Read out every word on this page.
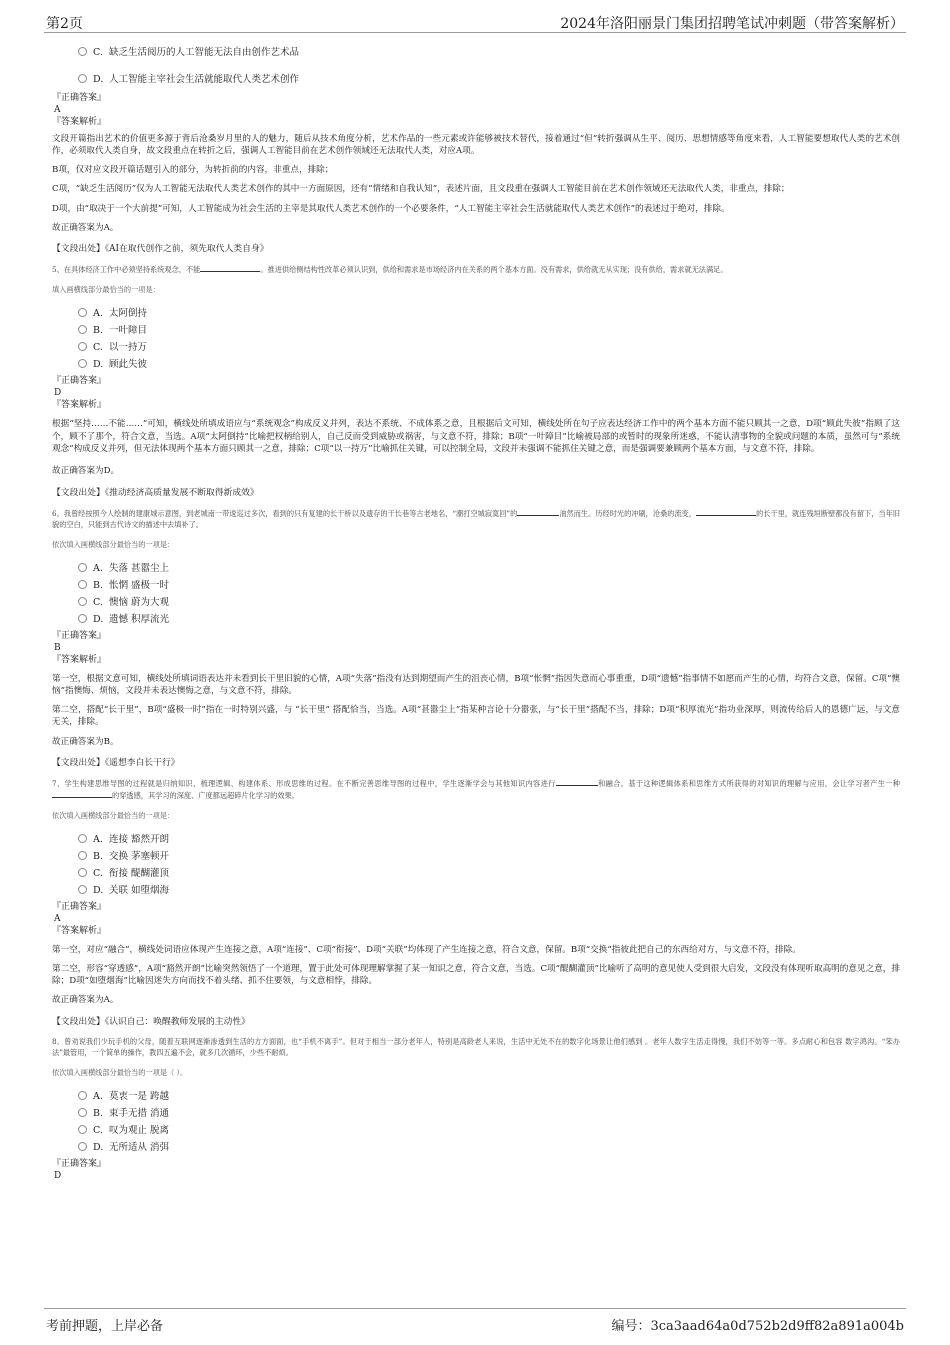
第2页	2024年洛阳丽景门集团招聘笔试冲刺题（带答案解析）
C. 缺乏生活阅历的人工智能无法自由创作艺术品
D. 人工智能主宰社会生活就能取代人类艺术创作

『正确答案』

A

『答案解析』

文段开篇指出艺术的价值更多源于背后沧桑岁月里的人的魅力，随后从技术角度分析，艺术作品的一些元素或许能够被技术替代，接着通过“但”转折强调从生平、阅历、思想情感等角度来看，人工智能要想取代人类的艺术创作，必须取代人类自身，故文段重点在转折之后，强调人工智能目前在艺术创作领域还无法取代人类，对应A项。

B项，仅对应文段开篇话题引入的部分，为转折前的内容，非重点，排除；

C项，“缺乏生活阅历”仅为人工智能无法取代人类艺术创作的其中一方面原因，还有“情绪和自我认知”，表述片面，且文段重在强调人工智能目前在艺术创作领域还无法取代人类，非重点，排除；

D项，由“取决于一个大前提”可知，人工智能成为社会生活的主宰是其取代人类艺术创作的一个必要条件，“人工智能主宰社会生活就能取代人类艺术创作”的表述过于绝对，排除。

故正确答案为A。

【文段出处】《AI在取代创作之前，须先取代人类自身》

5、在具体经济工作中必须坚持系统观念，不能	。推进供给侧结构性改革必须认识到，供给和需求是市场经济内在关系的两个基本方面。没有需求，供给就无从实现；没有供给，需求就无法满足。

填入画横线部分最恰当的一项是：

A. 太阿倒持
B. 一叶障目
C. 以一持万
D. 顾此失彼

『正确答案』

D

『答案解析』

根据“坚持……不能……”可知，横线处所填成语应与“系统观念”构成反义并列，表达不系统、不成体系之意，且根据后文可知，横线处所在句子应表达经济工作中的两个基本方面不能只顾其一之意，D项“顾此失彼”指顾了这个，顾不了那个，符合文意，当选。A项“太阿倒持”比喻把权柄给别人，自己反而受到威胁或祸害，与文意不符，排除；B项“一叶障目”比喻被局部的或暂时的现象所迷惑，不能认清事物的全貌或问题的本质，虽然可与“系统观念”构成反义并列，但无法体现两个基本方面只顾其一之意，排除；C项“以一持万”比喻抓住关键，可以控制全局，文段并未强调不能抓住关键之意，而是强调要兼顾两个基本方面，与文意不符，排除。

故正确答案为D。

【文段出处】《推动经济高质量发展不断取得新成效》

6、我曾经按照今人绘制的建康城示意图，到老城南一带逡巡过多次，看到的只有复建的长干桥以及遗存的干长巷等古老地名，“潮打空城寂寞回”的	油然而生。历经时光的冲刷，沧桑的流变，	的长干里，就连残垣断壁都没有留下，当年旧貌的空白，只能到古代诗文的描述中去填补了。

依次填入画横线部分最恰当的一项是：

A. 失落 甚嚣尘上
B. 怅惘 盛极一时
C. 懊恼 蔚为大观
D. 遗憾 积厚流光

『正确答案』

B

『答案解析』

第一空，根据文意可知，横线处所填词语表达并未看到长干里旧貌的心情，A项“失落”指没有达到期望而产生的沮丧心情，B项“怅惘”指因失意而心事重重，D项“遗憾”指事情不如愿而产生的心情，均符合文意，保留。C项“懊恼”指懊悔、烦恼，文段并未表达懊悔之意，与文意不符，排除。

第二空，搭配“长干里”，B项“盛极一时”指在一时特别兴盛，与 “长干里” 搭配恰当，当选。A项“甚嚣尘上”指某种言论十分嚣张，与“长干里”搭配不当，排除；D项“积厚流光”指功业深厚，则流传给后人的恩德广远，与文意无关，排除。

故正确答案为B。

【文段出处】《遥想李白长干行》

7、学生构建思维导图的过程就是归纳知识、梳理逻辑、构建体系、形成思维的过程。在不断完善思维导图的过程中，学生逐渐学会与其他知识内容进行	和融合。基于这种逻辑体系和思维方式所获得的对知识的理解与应用，会让学习者产生一种的穿透感，其学习的深度、广度都远超碎片化学习的效果。

依次填入画横线部分最恰当的一项是：

A. 连接 豁然开朗
B. 交换 茅塞顿开
C. 衔接 醍醐灌顶
D. 关联 如堕烟海

『正确答案』

A

『答案解析』

第一空，对应“融合”，横线处词语应体现产生连接之意，A项“连接”、C项“衔接”、D项“关联”均体现了产生连接之意，符合文意，保留。B项“交换”指彼此把自己的东西给对方，与文意不符，排除。

第二空，形容“穿透感”，A项“豁然开朗”比喻突然领悟了一个道理，置于此处可体现理解掌握了某一知识之意，符合文意，当选。C项“醍醐灌顶”比喻听了高明的意见使人受到很大启发，文段没有体现听取高明的意见之意，排除；D项“如堕烟海”比喻因迷失方向而找不着头绪、抓不住要领，与文意相悖，排除。

故正确答案为A。

【文段出处】《认识自己：唤醒教师发展的主动性》

8、曾劝说我们少玩手机的父母，随着互联网逐渐渗透到生活的方方面面，也“手机不离手”。但对于相当一部分老年人，特别是高龄老人来说，生活中无处不在的数字化场景让他们感到 。老年人数字生活走得慢，我们不妨等一等。多点耐心和包容 数字鸿沟。“笨办法”最管用，一个简单的操作，教四五遍不会，就多几次循环，少些不耐烦。

依次填入画横线部分最恰当的一项是（ ）。

A. 莫衷一是 跨越
B. 束手无措 消通
C. 叹为观止 脱离
D. 无所适从 消弭

『正确答案』

D

考前押题，上岸必备	编号：3ca3aad64a0d752b2d9ff82a891a004b
